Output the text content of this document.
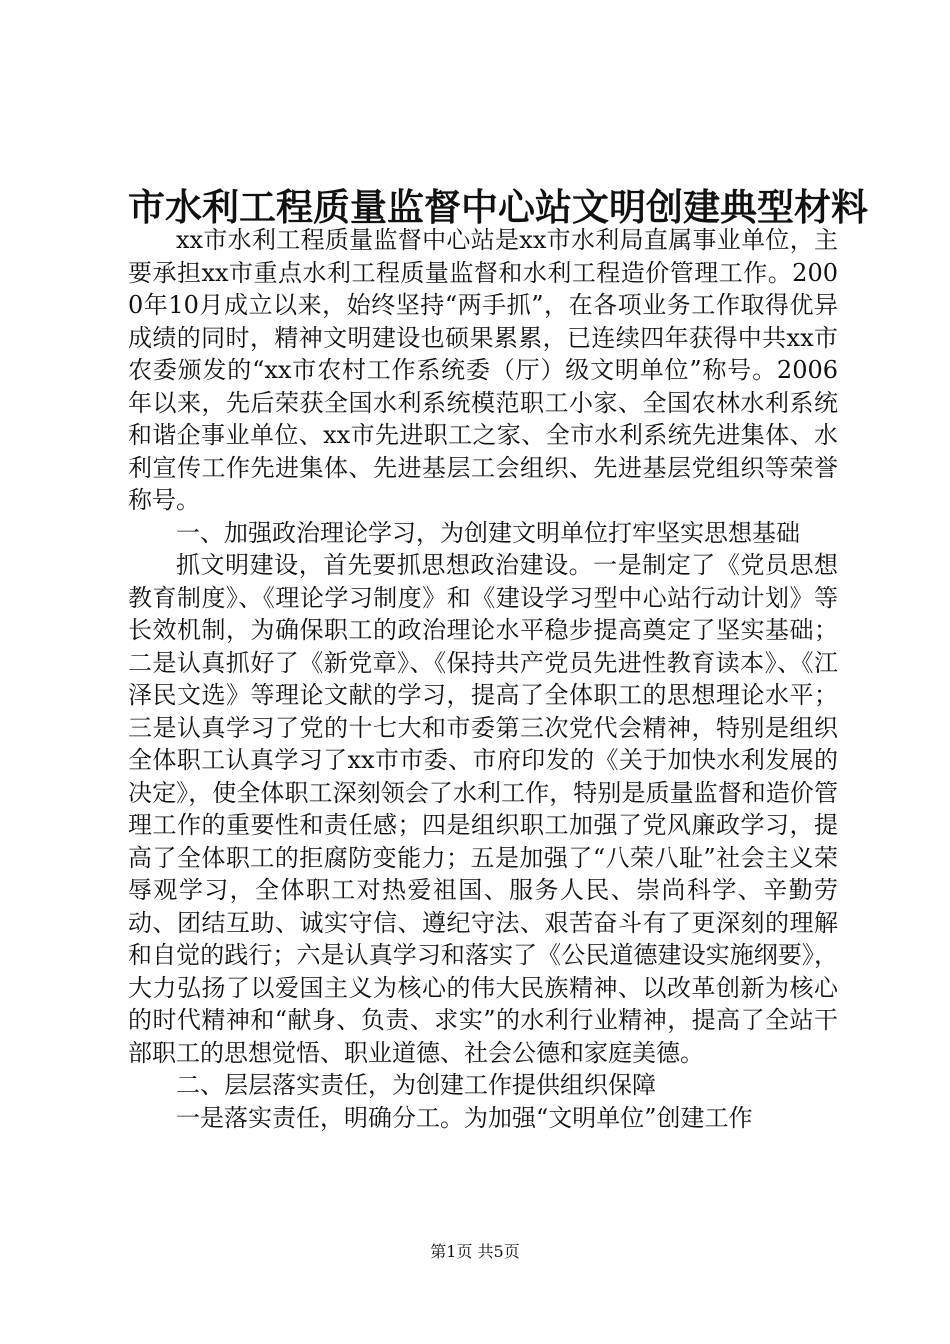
市水利工程质量监督中心站文明创建典型材料

xx市水利工程质量监督中心站是xx市水利局直属事业单位，主要承担xx市重点水利工程质量监督和水利工程造价管理工作。2000年10月成立以来，始终坚持“两手抓”，在各项业务工作取得优异成绩的同时，精神文明建设也硕果累累，已连续四年获得中共xx市农委颁发的“xx市农村工作系统委（厅）级文明单位”称号。2006年以来，先后荣获全国水利系统模范职工小家、全国农林水利系统和谐企事业单位、xx市先进职工之家、全市水利系统先进集体、水利宣传工作先进集体、先进基层工会组织、先进基层党组织等荣誉称号。

一、加强政治理论学习，为创建文明单位打牢坚实思想基础

抓文明建设，首先要抓思想政治建设。一是制定了《党员思想教育制度》、《理论学习制度》和《建设学习型中心站行动计划》等长效机制，为确保职工的政治理论水平稳步提高奠定了坚实基础；二是认真抓好了《新党章》、《保持共产党员先进性教育读本》、《江泽民文选》等理论文献的学习，提高了全体职工的思想理论水平；三是认真学习了党的十七大和市委第三次党代会精神，特别是组织全体职工认真学习了xx市市委、市府印发的《关于加快水利发展的决定》，使全体职工深刻领会了水利工作，特别是质量监督和造价管理工作的重要性和责任感；四是组织职工加强了党风廉政学习，提高了全体职工的拒腐防变能力；五是加强了“八荣八耻”社会主义荣辱观学习，全体职工对热爱祖国、服务人民、崇尚科学、辛勤劳动、团结互助、诚实守信、遵纪守法、艰苦奋斗有了更深刻的理解和自觉的践行；六是认真学习和落实了《公民道德建设实施纲要》，大力弘扬了以爱国主义为核心的伟大民族精神、以改革创新为核心的时代精神和“献身、负责、求实”的水利行业精神，提高了全站干部职工的思想觉悟、职业道德、社会公德和家庭美德。

二、层层落实责任，为创建工作提供组织保障

一是落实责任，明确分工。为加强“文明单位”创建工作

第1页 共5页
